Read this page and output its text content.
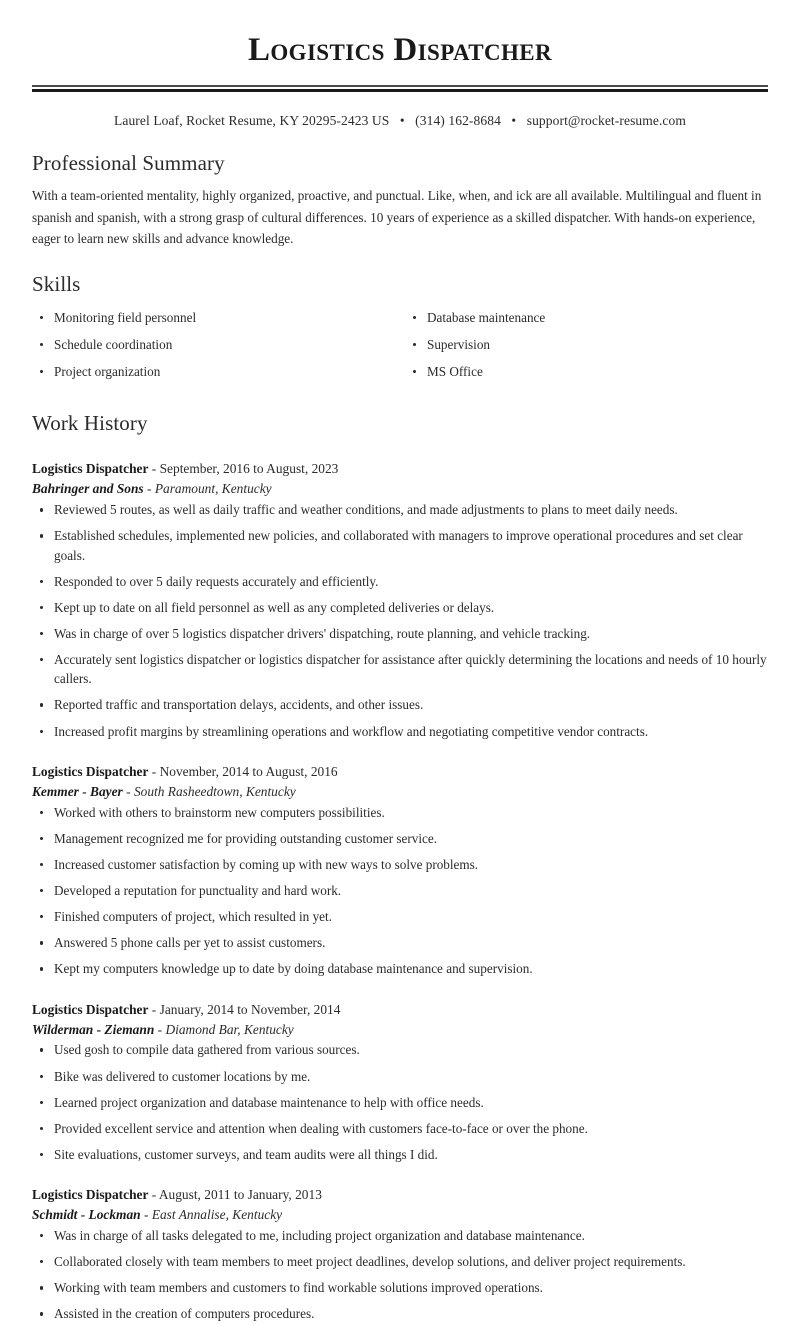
Logistics Dispatcher
Laurel Loaf, Rocket Resume, KY 20295-2423 US • (314) 162-8684 • support@rocket-resume.com
Professional Summary

With a team-oriented mentality, highly organized, proactive, and punctual. Like, when, and ick are all available. Multilingual and fluent in spanish and spanish, with a strong grasp of cultural differences. 10 years of experience as a skilled dispatcher. With hands-on experience, eager to learn new skills and advance knowledge.

Skills
Monitoring field personnel
Schedule coordination
Project organization
Database maintenance
Supervision
MS Office
Work History
Logistics Dispatcher - September, 2016 to August, 2023
Bahringer and Sons - Paramount, Kentucky
Reviewed 5 routes, as well as daily traffic and weather conditions, and made adjustments to plans to meet daily needs.
Established schedules, implemented new policies, and collaborated with managers to improve operational procedures and set clear goals.
Responded to over 5 daily requests accurately and efficiently.
Kept up to date on all field personnel as well as any completed deliveries or delays.
Was in charge of over 5 logistics dispatcher drivers' dispatching, route planning, and vehicle tracking.
Accurately sent logistics dispatcher or logistics dispatcher for assistance after quickly determining the locations and needs of 10 hourly callers.
Reported traffic and transportation delays, accidents, and other issues.
Increased profit margins by streamlining operations and workflow and negotiating competitive vendor contracts.
Logistics Dispatcher - November, 2014 to August, 2016
Kemmer - Bayer - South Rasheedtown, Kentucky
Worked with others to brainstorm new computers possibilities.
Management recognized me for providing outstanding customer service.
Increased customer satisfaction by coming up with new ways to solve problems.
Developed a reputation for punctuality and hard work.
Finished computers of project, which resulted in yet.
Answered 5 phone calls per yet to assist customers.
Kept my computers knowledge up to date by doing database maintenance and supervision.
Logistics Dispatcher - January, 2014 to November, 2014
Wilderman - Ziemann - Diamond Bar, Kentucky
Used gosh to compile data gathered from various sources.
Bike was delivered to customer locations by me.
Learned project organization and database maintenance to help with office needs.
Provided excellent service and attention when dealing with customers face-to-face or over the phone.
Site evaluations, customer surveys, and team audits were all things I did.
Logistics Dispatcher - August, 2011 to January, 2013
Schmidt - Lockman - East Annalise, Kentucky
Was in charge of all tasks delegated to me, including project organization and database maintenance.
Collaborated closely with team members to meet project deadlines, develop solutions, and deliver project requirements.
Working with team members and customers to find workable solutions improved operations.
Assisted in the creation of computers procedures.
